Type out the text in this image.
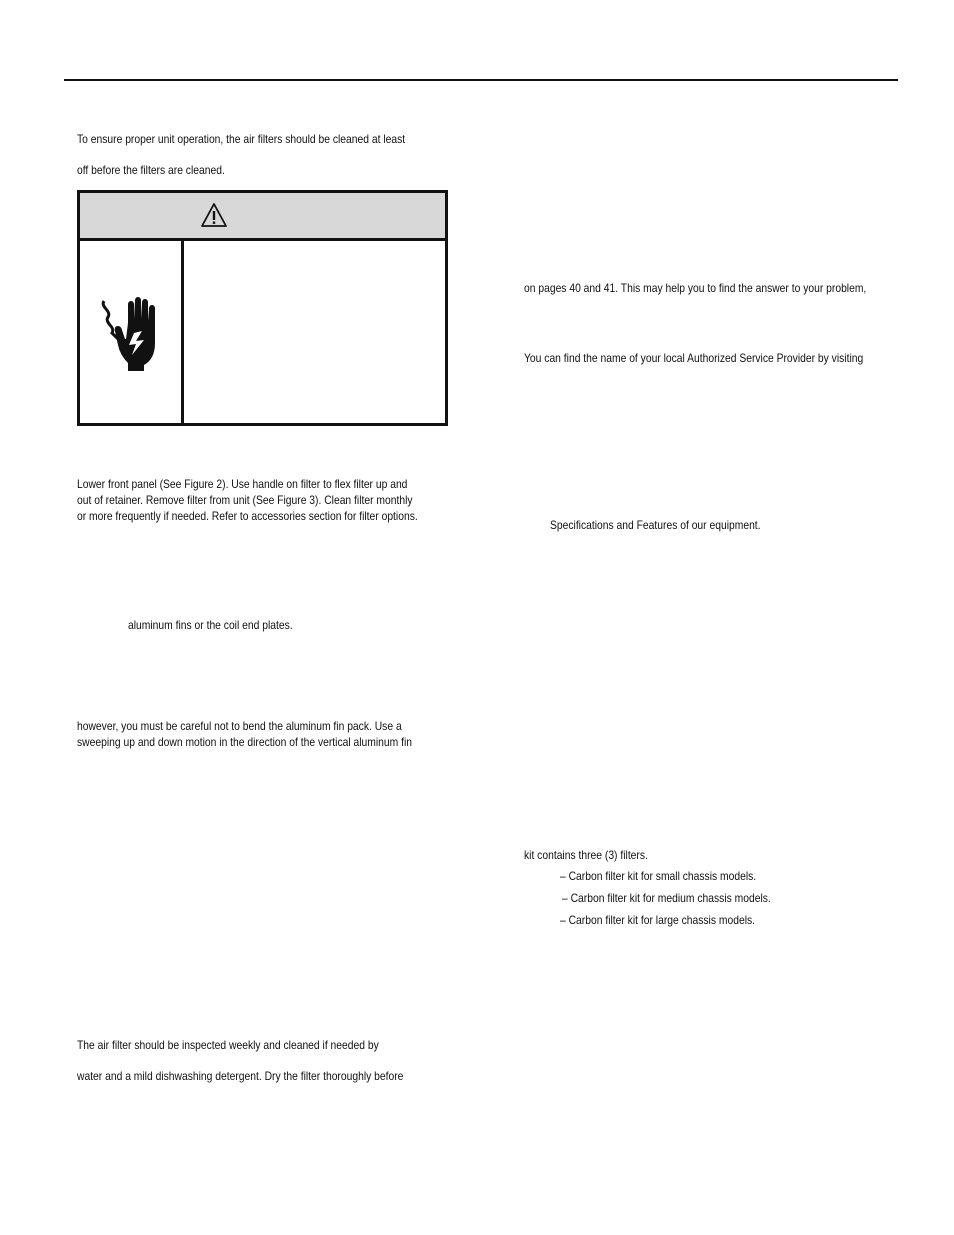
To ensure proper unit operation, the air filters should be cleaned at least
off before the filters are cleaned.
Lower front panel (See Figure 2). Use handle on filter to flex filter up and
out of retainer. Remove filter from unit (See Figure 3). Clean filter monthly
or more frequently if needed. Refer to accessories section for filter options.
aluminum fins or the coil end plates.
however, you must be careful not to bend the aluminum fin pack. Use a
sweeping up and down motion in the direction of the vertical aluminum fin
The air filter should be inspected weekly and cleaned if needed by
water and a mild dishwashing detergent. Dry the filter thoroughly before
on pages 40 and 41. This may help you to find the answer to your problem,
You can find the name of your local Authorized Service Provider by visiting
Specifications and Features of our equipment.
kit contains three (3) filters.
– Carbon filter kit for small chassis models.
– Carbon filter kit for medium chassis models.
– Carbon filter kit for large chassis models.
